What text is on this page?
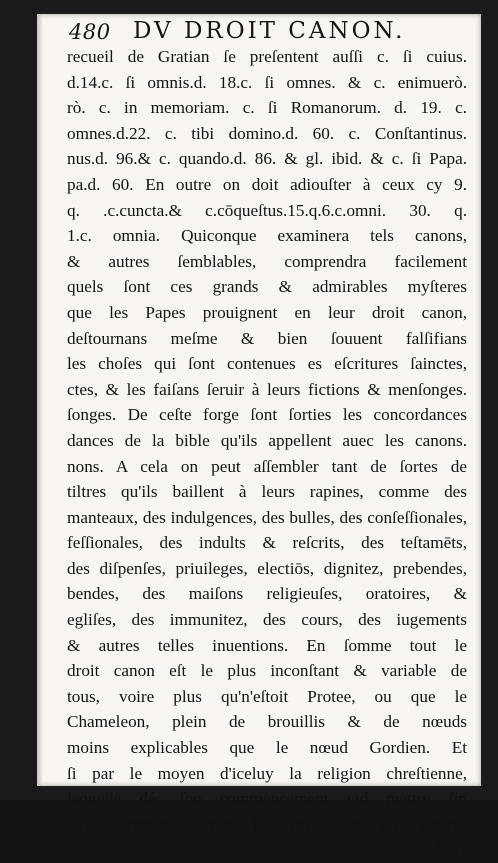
480 DV DROIT CANON.
recueil de Gratian ſe preſentent auſſi c. ſi cuius.
d.14.c. ſi omnis.d. 18.c. ſi omnes. & c. enimuerò.
rò. c. in memoriam. c. ſi Romanorum. d. 19. c.
omnes.d.22. c. tibi domino.d. 60. c. Conſtantinus.
nus.d. 96.& c. quando.d. 86. & gl. ibid. & c. ſi Papa.
pa.d. 60. En outre on doit adiouſter à ceux cy 9.
q. .c.cuncta.& c.cōqueſtus.15.q.6.c.omni. 30. q.
1.c. omnia. Quiconque examinera tels canons,
& autres ſemblables, comprendra facilement
quels ſont ces grands & admirables myſteres
que les Papes prouignent en leur droit canon,
deſtournans meſme & bien ſouuent falſifians
les choſes qui ſont contenues es eſcritures ſainctes,
ctes, & les faiſans ſeruir à leurs fictions & menſonges.
ſonges. De ceſte forge ſont ſorties les concordances
dances de la bible qu'ils appellent auec les canons.
nons. A cela on peut aſſembler tant de ſortes de
tiltres qu'ils baillent à leurs rapines, comme des
manteaux, des indulgences, des bulles, des conſeſſionales,
feſſionales, des indults & reſcrits, des teſtamēts,
des diſpenſes, priuileges, electiōs, dignitez, prebendes,
bendes, des maiſons religieuſes, oratoires, &
egliſes, des immunitez, des cours, des iugements
& autres telles inuentions. En ſomme tout le
droit canon eſt le plus inconſtant & variable de
tous, voire plus qu'n'eſtoit Protee, ou que le
Chameleon, plein de brouillis & de nœuds
moins explicables que le nœud Gordien. Et
ſi par le moyen d'iceluy la religion chreſtienne,
laquelle dés ſon commencement vid mettre fin
aux ceremonies par Ieſuſchriſt, en eſt aiourd-
dhuy
